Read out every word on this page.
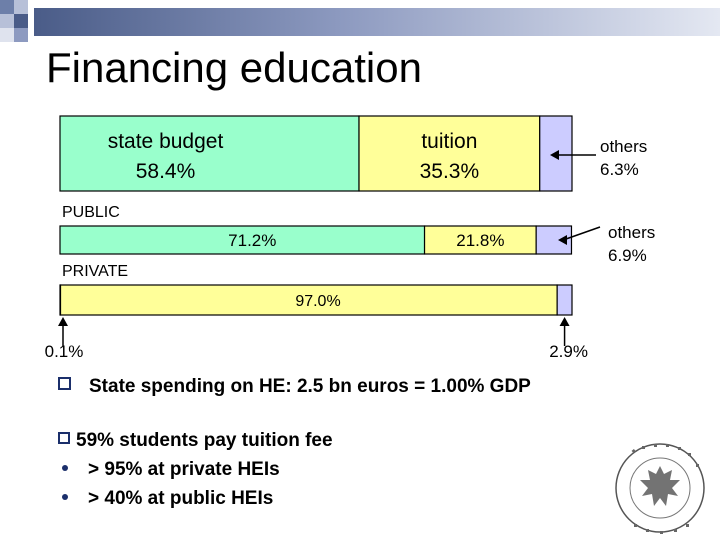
Financing education
state budget
58.4%
tuition
35.3%
others
6.3%
PUBLIC
71.2%	21.8%	others
6.9%
PRIVATE
97.0%
0.1%	2.9%
State spending on HE: 2.5 bn euros = 1.00% GDP
59% students pay tuition fee
> 95% at private HEIs
> 40% at public HEIs
